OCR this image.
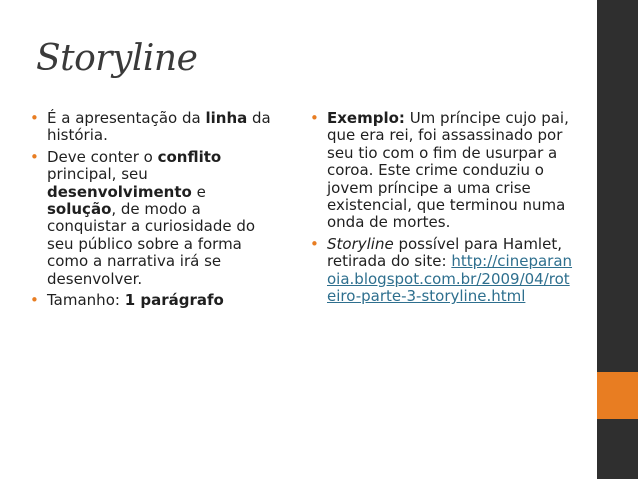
Storyline
• É a apresentação da linha da história.
• Deve conter o conflito principal, seu desenvolvimento e solução, de modo a conquistar a curiosidade do seu público sobre a forma como a narrativa irá se desenvolver.
• Tamanho: 1 parágrafo
• Exemplo: Um príncipe cujo pai, que era rei, foi assassinado por seu tio com o fim de usurpar a coroa. Este crime conduziu o jovem príncipe a uma crise existencial, que terminou numa onda de mortes.
• Storyline possível para Hamlet, retirada do site: http://cineparanoia.blogspot.com.br/2009/04/roteiro-parte-3-storyline.html
